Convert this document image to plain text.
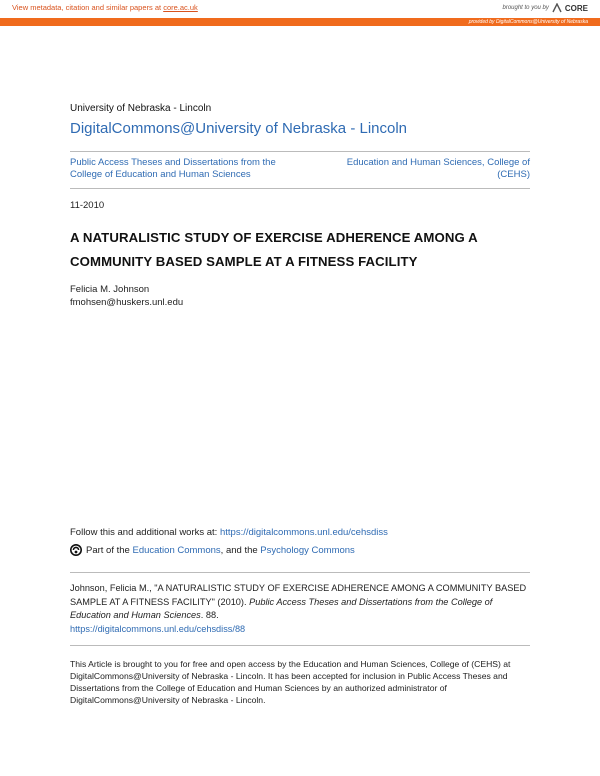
View metadata, citation and similar papers at core.ac.uk	brought to you by CORE
provided by DigitalCommons@University of Nebraska
University of Nebraska - Lincoln
DigitalCommons@University of Nebraska - Lincoln
Public Access Theses and Dissertations from the College of Education and Human Sciences
Education and Human Sciences, College of (CEHS)
11-2010
A NATURALISTIC STUDY OF EXERCISE ADHERENCE AMONG A COMMUNITY BASED SAMPLE AT A FITNESS FACILITY
Felicia M. Johnson
fmohsen@huskers.unl.edu
Follow this and additional works at: https://digitalcommons.unl.edu/cehsdiss
Part of the Education Commons, and the Psychology Commons
Johnson, Felicia M., "A NATURALISTIC STUDY OF EXERCISE ADHERENCE AMONG A COMMUNITY BASED SAMPLE AT A FITNESS FACILITY" (2010). Public Access Theses and Dissertations from the College of Education and Human Sciences. 88.
https://digitalcommons.unl.edu/cehsdiss/88
This Article is brought to you for free and open access by the Education and Human Sciences, College of (CEHS) at DigitalCommons@University of Nebraska - Lincoln. It has been accepted for inclusion in Public Access Theses and Dissertations from the College of Education and Human Sciences by an authorized administrator of DigitalCommons@University of Nebraska - Lincoln.
